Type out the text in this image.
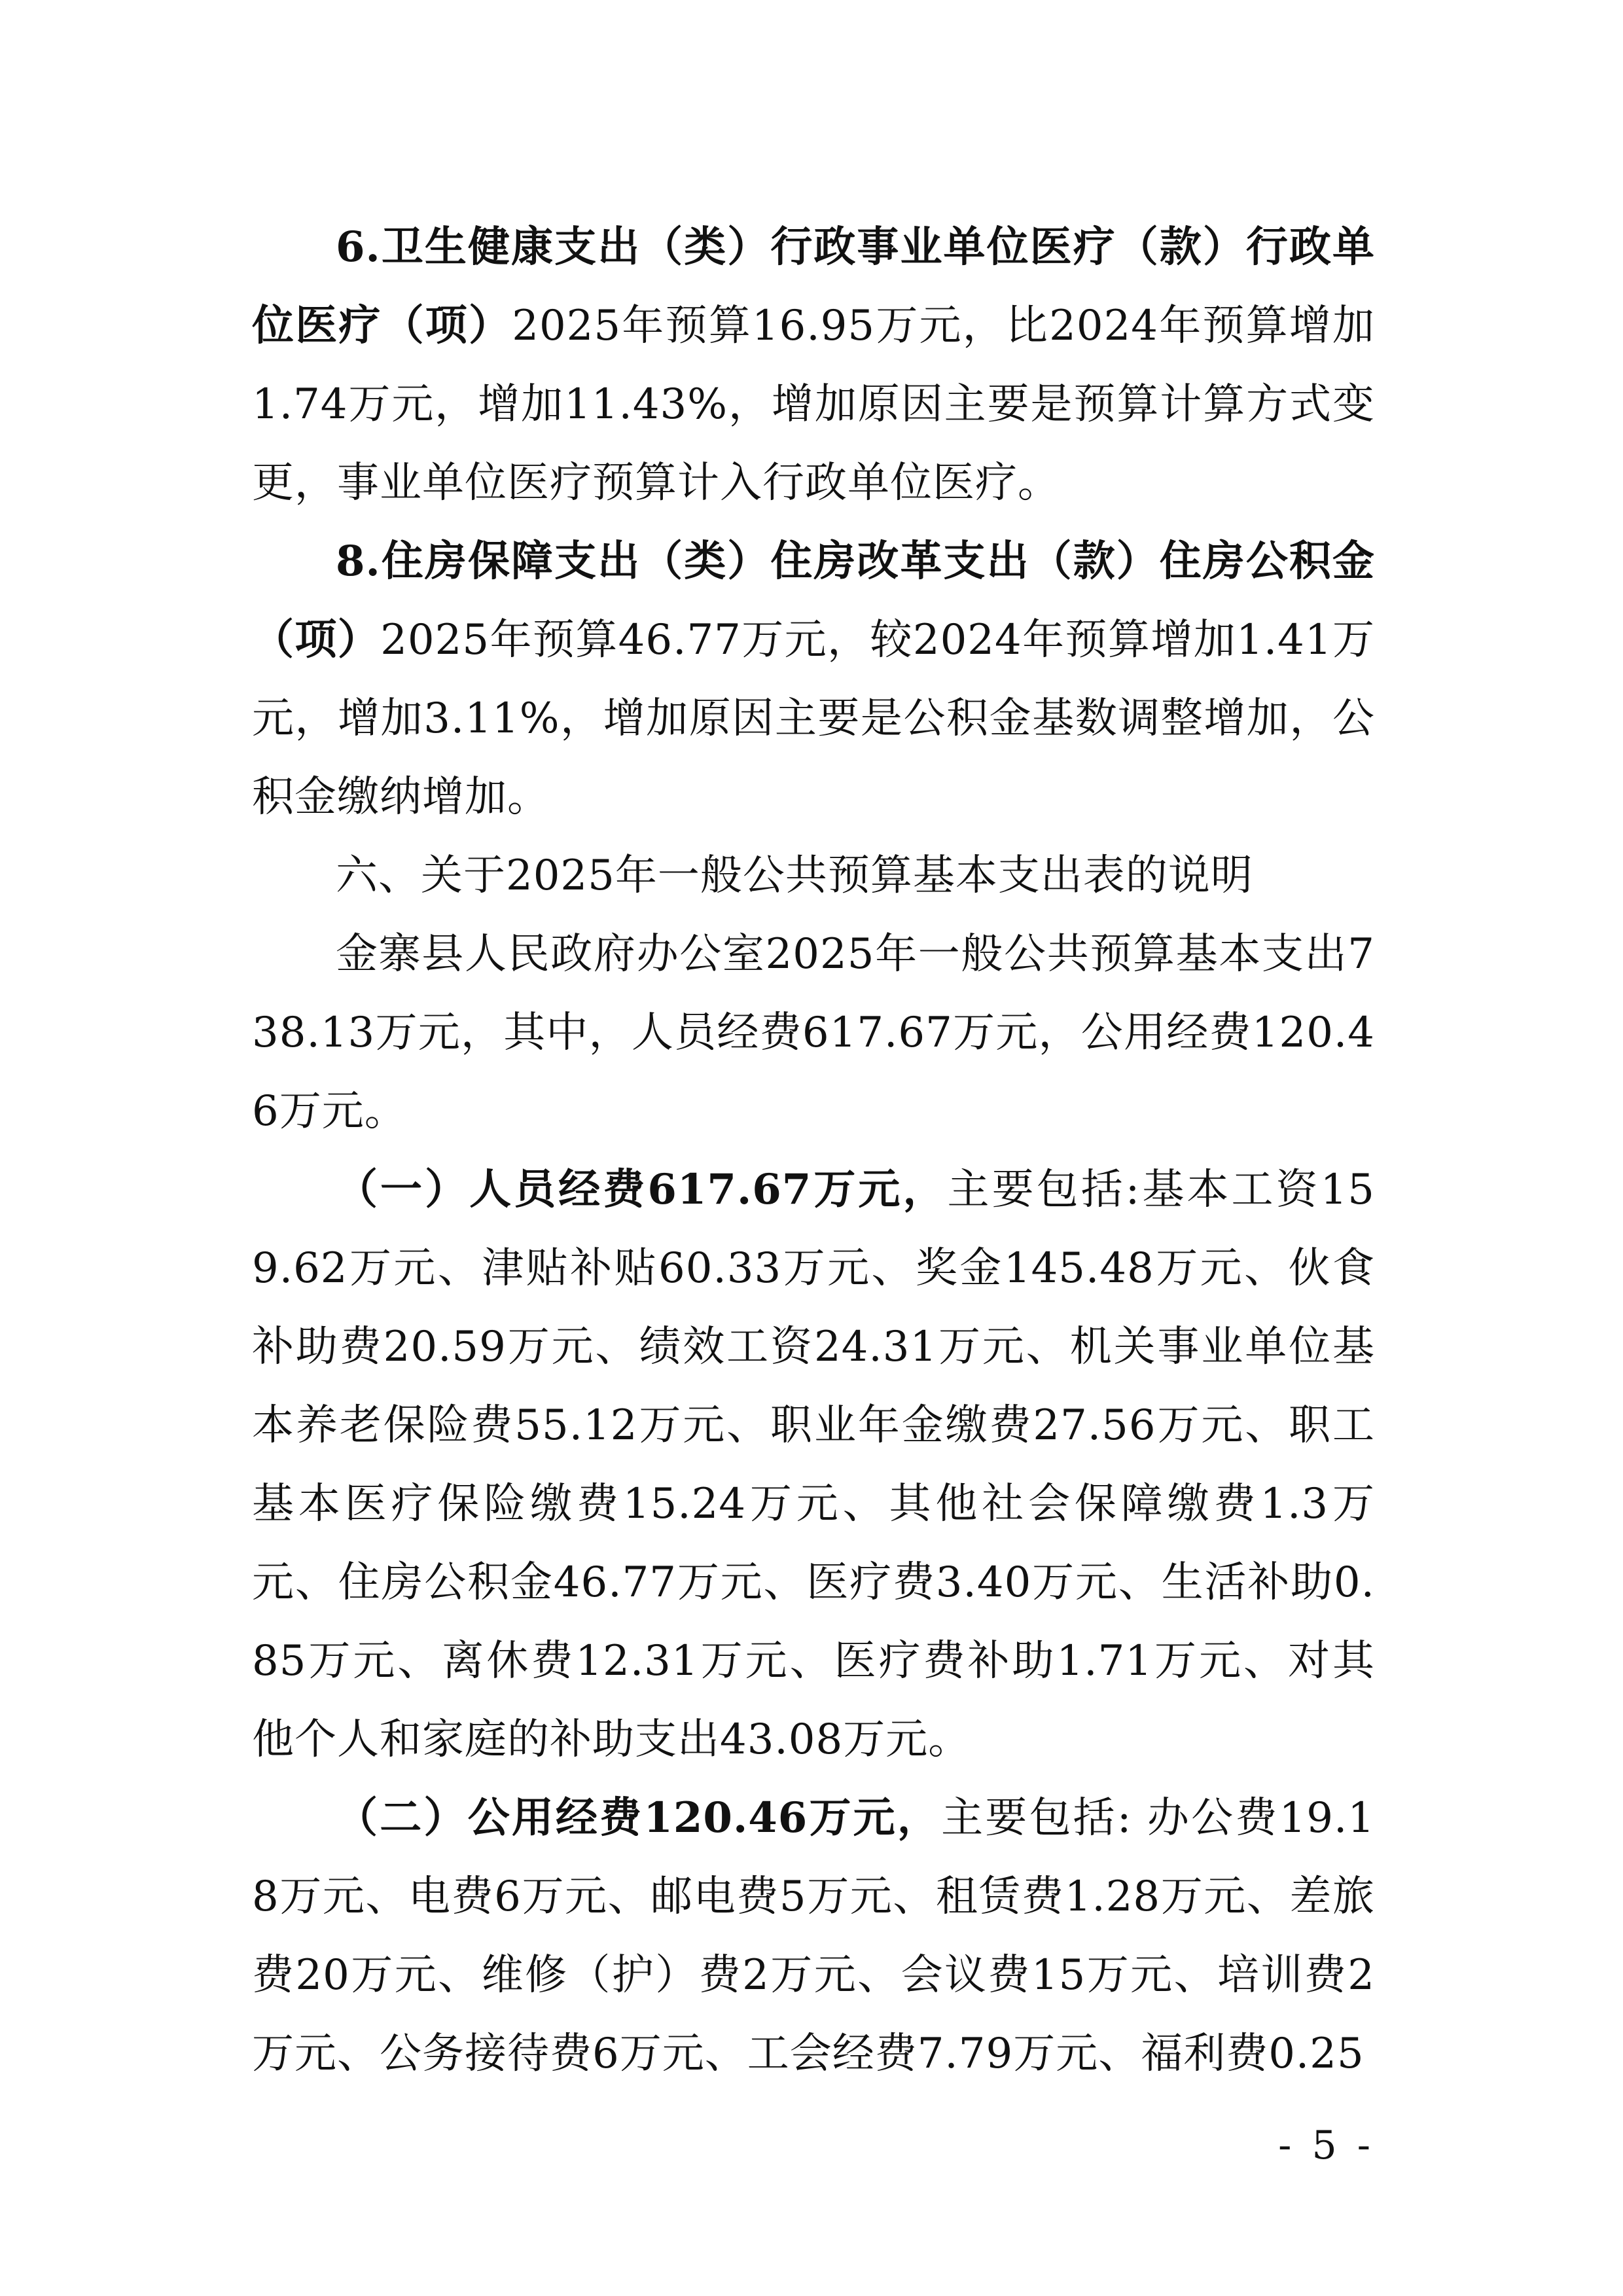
6.卫生健康支出（类）行政事业单位医疗（款）行政单位医疗（项）2025年预算16.95万元，比2024年预算增加1.74万元，增加11.43%，增加原因主要是预算计算方式变更，事业单位医疗预算计入行政单位医疗。

8.住房保障支出（类）住房改革支出（款）住房公积金（项）2025年预算46.77万元，较2024年预算增加1.41万元，增加3.11%，增加原因主要是公积金基数调整增加，公积金缴纳增加。

六、关于2025年一般公共预算基本支出表的说明

金寨县人民政府办公室2025年一般公共预算基本支出738.13万元，其中，人员经费617.67万元，公用经费120.46万元。

（一）人员经费617.67万元，主要包括:基本工资159.62万元、津贴补贴60.33万元、奖金145.48万元、伙食补助费20.59万元、绩效工资24.31万元、机关事业单位基本养老保险费55.12万元、职业年金缴费27.56万元、职工基本医疗保险缴费15.24万元、其他社会保障缴费1.3万元、住房公积金46.77万元、医疗费3.40万元、生活补助0.85万元、离休费12.31万元、医疗费补助1.71万元、对其他个人和家庭的补助支出43.08万元。

（二）公用经费120.46万元，主要包括: 办公费19.18万元、电费6万元、邮电费5万元、租赁费1.28万元、差旅费20万元、维修（护）费2万元、会议费15万元、培训费2万元、公务接待费6万元、工会经费7.79万元、福利费0.25

- 5 -
